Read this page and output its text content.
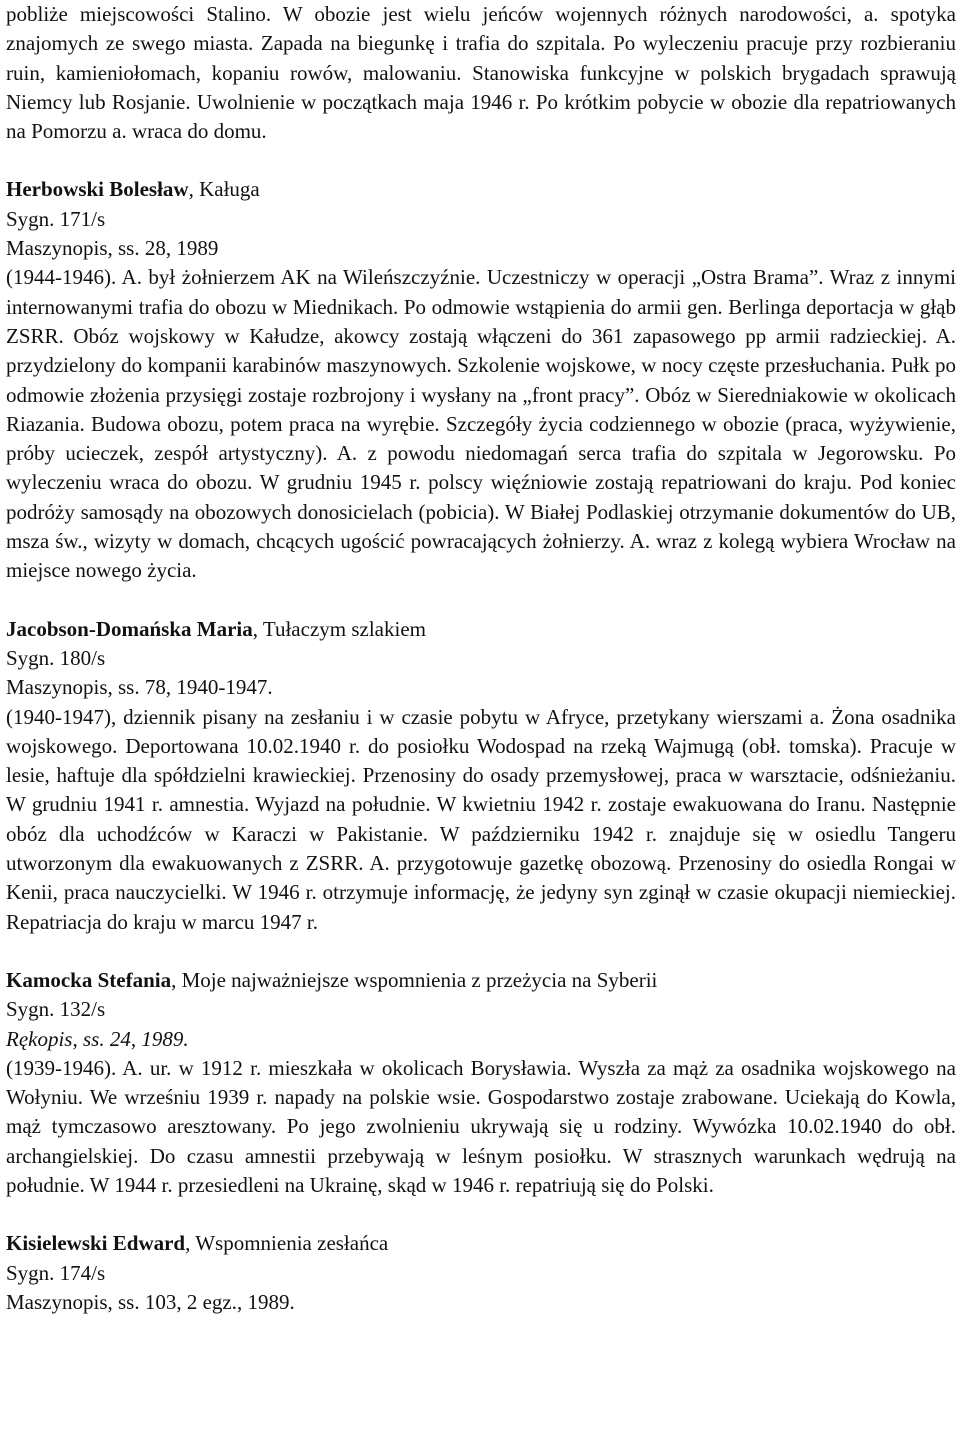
pobliże miejscowości Stalino. W obozie jest wielu jeńców wojennych różnych narodowości, a. spotyka znajomych ze swego miasta. Zapada na biegunkę i trafia do szpitala. Po wyleczeniu pracuje przy rozbieraniu ruin, kamieniołomach, kopaniu rowów, malowaniu. Stanowiska funkcyjne w polskich brygadach sprawują Niemcy lub Rosjanie. Uwolnienie w początkach maja 1946 r. Po krótkim pobycie w obozie dla repatriowanych na Pomorzu a. wraca do domu.

Herbowski Bolesław, Kaługa
Sygn. 171/s
Maszynopis, ss. 28, 1989

(1944-1946). A. był żołnierzem AK na Wileńszczyźnie. Uczestniczy w operacji „Ostra Brama”. Wraz z innymi internowanymi trafia do obozu w Miednikach. Po odmowie wstąpienia do armii gen. Berlinga deportacja w głąb ZSRR. Obóz wojskowy w Kałudze, akowcy zostają włączeni do 361 zapasowego pp armii radzieckiej. A. przydzielony do kompanii karabinów maszynowych. Szkolenie wojskowe, w nocy częste przesłuchania. Pułk po odmowie złożenia przysięgi zostaje rozbrojony i wysłany na „front pracy”. Obóz w Sieredniakowie w okolicach Riazania. Budowa obozu, potem praca na wyrębie. Szczegóły życia codziennego w obozie (praca, wyżywienie, próby ucieczek, zespół artystyczny). A. z powodu niedomagań serca trafia do szpitala w Jegorowsku. Po wyleczeniu wraca do obozu. W grudniu 1945 r. polscy więźniowie zostają repatriowani do kraju. Pod koniec podróży samosądy na obozowych donosicielach (pobicia). W Białej Podlaskiej otrzymanie dokumentów do UB, msza św., wizyty w domach, chcących ugościć powracających żołnierzy. A. wraz z kolegą wybiera Wrocław na miejsce nowego życia.

Jacobson-Domańska Maria, Tułaczym szlakiem
Sygn. 180/s
Maszynopis, ss. 78, 1940-1947.

(1940-1947), dziennik pisany na zesłaniu i w czasie pobytu w Afryce, przetykany wierszami a. Żona osadnika wojskowego. Deportowana 10.02.1940 r. do posiołku Wodospad na rzeką Wajmugą (obł. tomska). Pracuje w lesie, haftuje dla spółdzielni krawieckiej. Przenosiny do osady przemysłowej, praca w warsztacie, odśnieżaniu. W grudniu 1941 r. amnestia. Wyjazd na południe. W kwietniu 1942 r. zostaje ewakuowana do Iranu. Następnie obóz dla uchodźców w Karaczi w Pakistanie. W październiku 1942 r. znajduje się w osiedlu Tangeru utworzonym dla ewakuowanych z ZSRR. A. przygotowuje gazetkę obozową. Przenosiny do osiedla Rongai w Kenii, praca nauczycielki. W 1946 r. otrzymuje informację, że jedyny syn zginął w czasie okupacji niemieckiej. Repatriacja do kraju w marcu 1947 r.

Kamocka Stefania, Moje najważniejsze wspomnienia z przeżycia na Syberii
Sygn. 132/s
Rękopis, ss. 24, 1989.

(1939-1946). A. ur. w 1912 r. mieszkała w okolicach Borysławia. Wyszła za mąż za osadnika wojskowego na Wołyniu. We wrześniu 1939 r. napady na polskie wsie. Gospodarstwo zostaje zrabowane. Uciekają do Kowla, mąż tymczasowo aresztowany. Po jego zwolnieniu ukrywają się u rodziny. Wywózka 10.02.1940 do obł. archangielskiej. Do czasu amnestii przebywają w leśnym posiołku. W strasznych warunkach wędrują na południe. W 1944 r. przesiedleni na Ukrainę, skąd w 1946 r. repatriują się do Polski.

Kisielewski Edward, Wspomnienia zesłańca
Sygn. 174/s
Maszynopis, ss. 103, 2 egz., 1989.
